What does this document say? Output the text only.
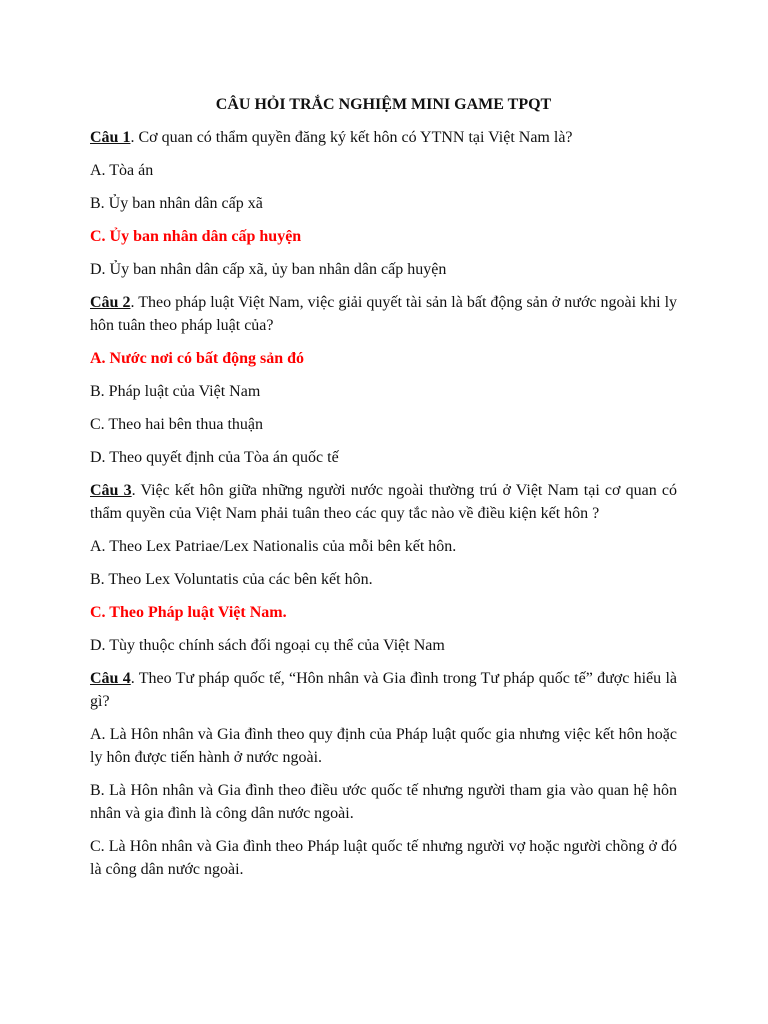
CÂU HỎI TRẮC NGHIỆM MINI GAME TPQT
Câu 1. Cơ quan có thẩm quyền đăng ký kết hôn có YTNN tại Việt Nam là?
A. Tòa án
B. Ủy ban nhân dân cấp xã
C. Ủy ban nhân dân cấp huyện
D. Ủy ban nhân dân cấp xã, ủy ban nhân dân cấp huyện
Câu 2. Theo pháp luật Việt Nam, việc giải quyết tài sản là bất động sản ở nước ngoài khi ly hôn tuân theo pháp luật của?
A. Nước nơi có bất động sản đó
B. Pháp luật của Việt Nam
C. Theo hai bên thua thuận
D. Theo quyết định của Tòa án quốc tế
Câu 3. Việc kết hôn giữa những người nước ngoài thường trú ở Việt Nam tại cơ quan có thẩm quyền của Việt Nam phải tuân theo các quy tắc nào về điều kiện kết hôn ?
A. Theo Lex Patriae/Lex Nationalis của mỗi bên kết hôn.
B. Theo Lex Voluntatis của các bên kết hôn.
C. Theo Pháp luật Việt Nam.
D. Tùy thuộc chính sách đối ngoại cụ thể của Việt Nam
Câu 4. Theo Tư pháp quốc tế, “Hôn nhân và Gia đình trong Tư pháp quốc tế” được hiểu là gì?
A. Là Hôn nhân và Gia đình theo quy định của Pháp luật quốc gia nhưng việc kết hôn hoặc ly hôn được tiến hành ở nước ngoài.
B. Là Hôn nhân và Gia đình theo điều ước quốc tế nhưng người tham gia vào quan hệ hôn nhân và gia đình là công dân nước ngoài.
C. Là Hôn nhân và Gia đình theo Pháp luật quốc tế nhưng người vợ hoặc người chồng ở đó là công dân nước ngoài.
